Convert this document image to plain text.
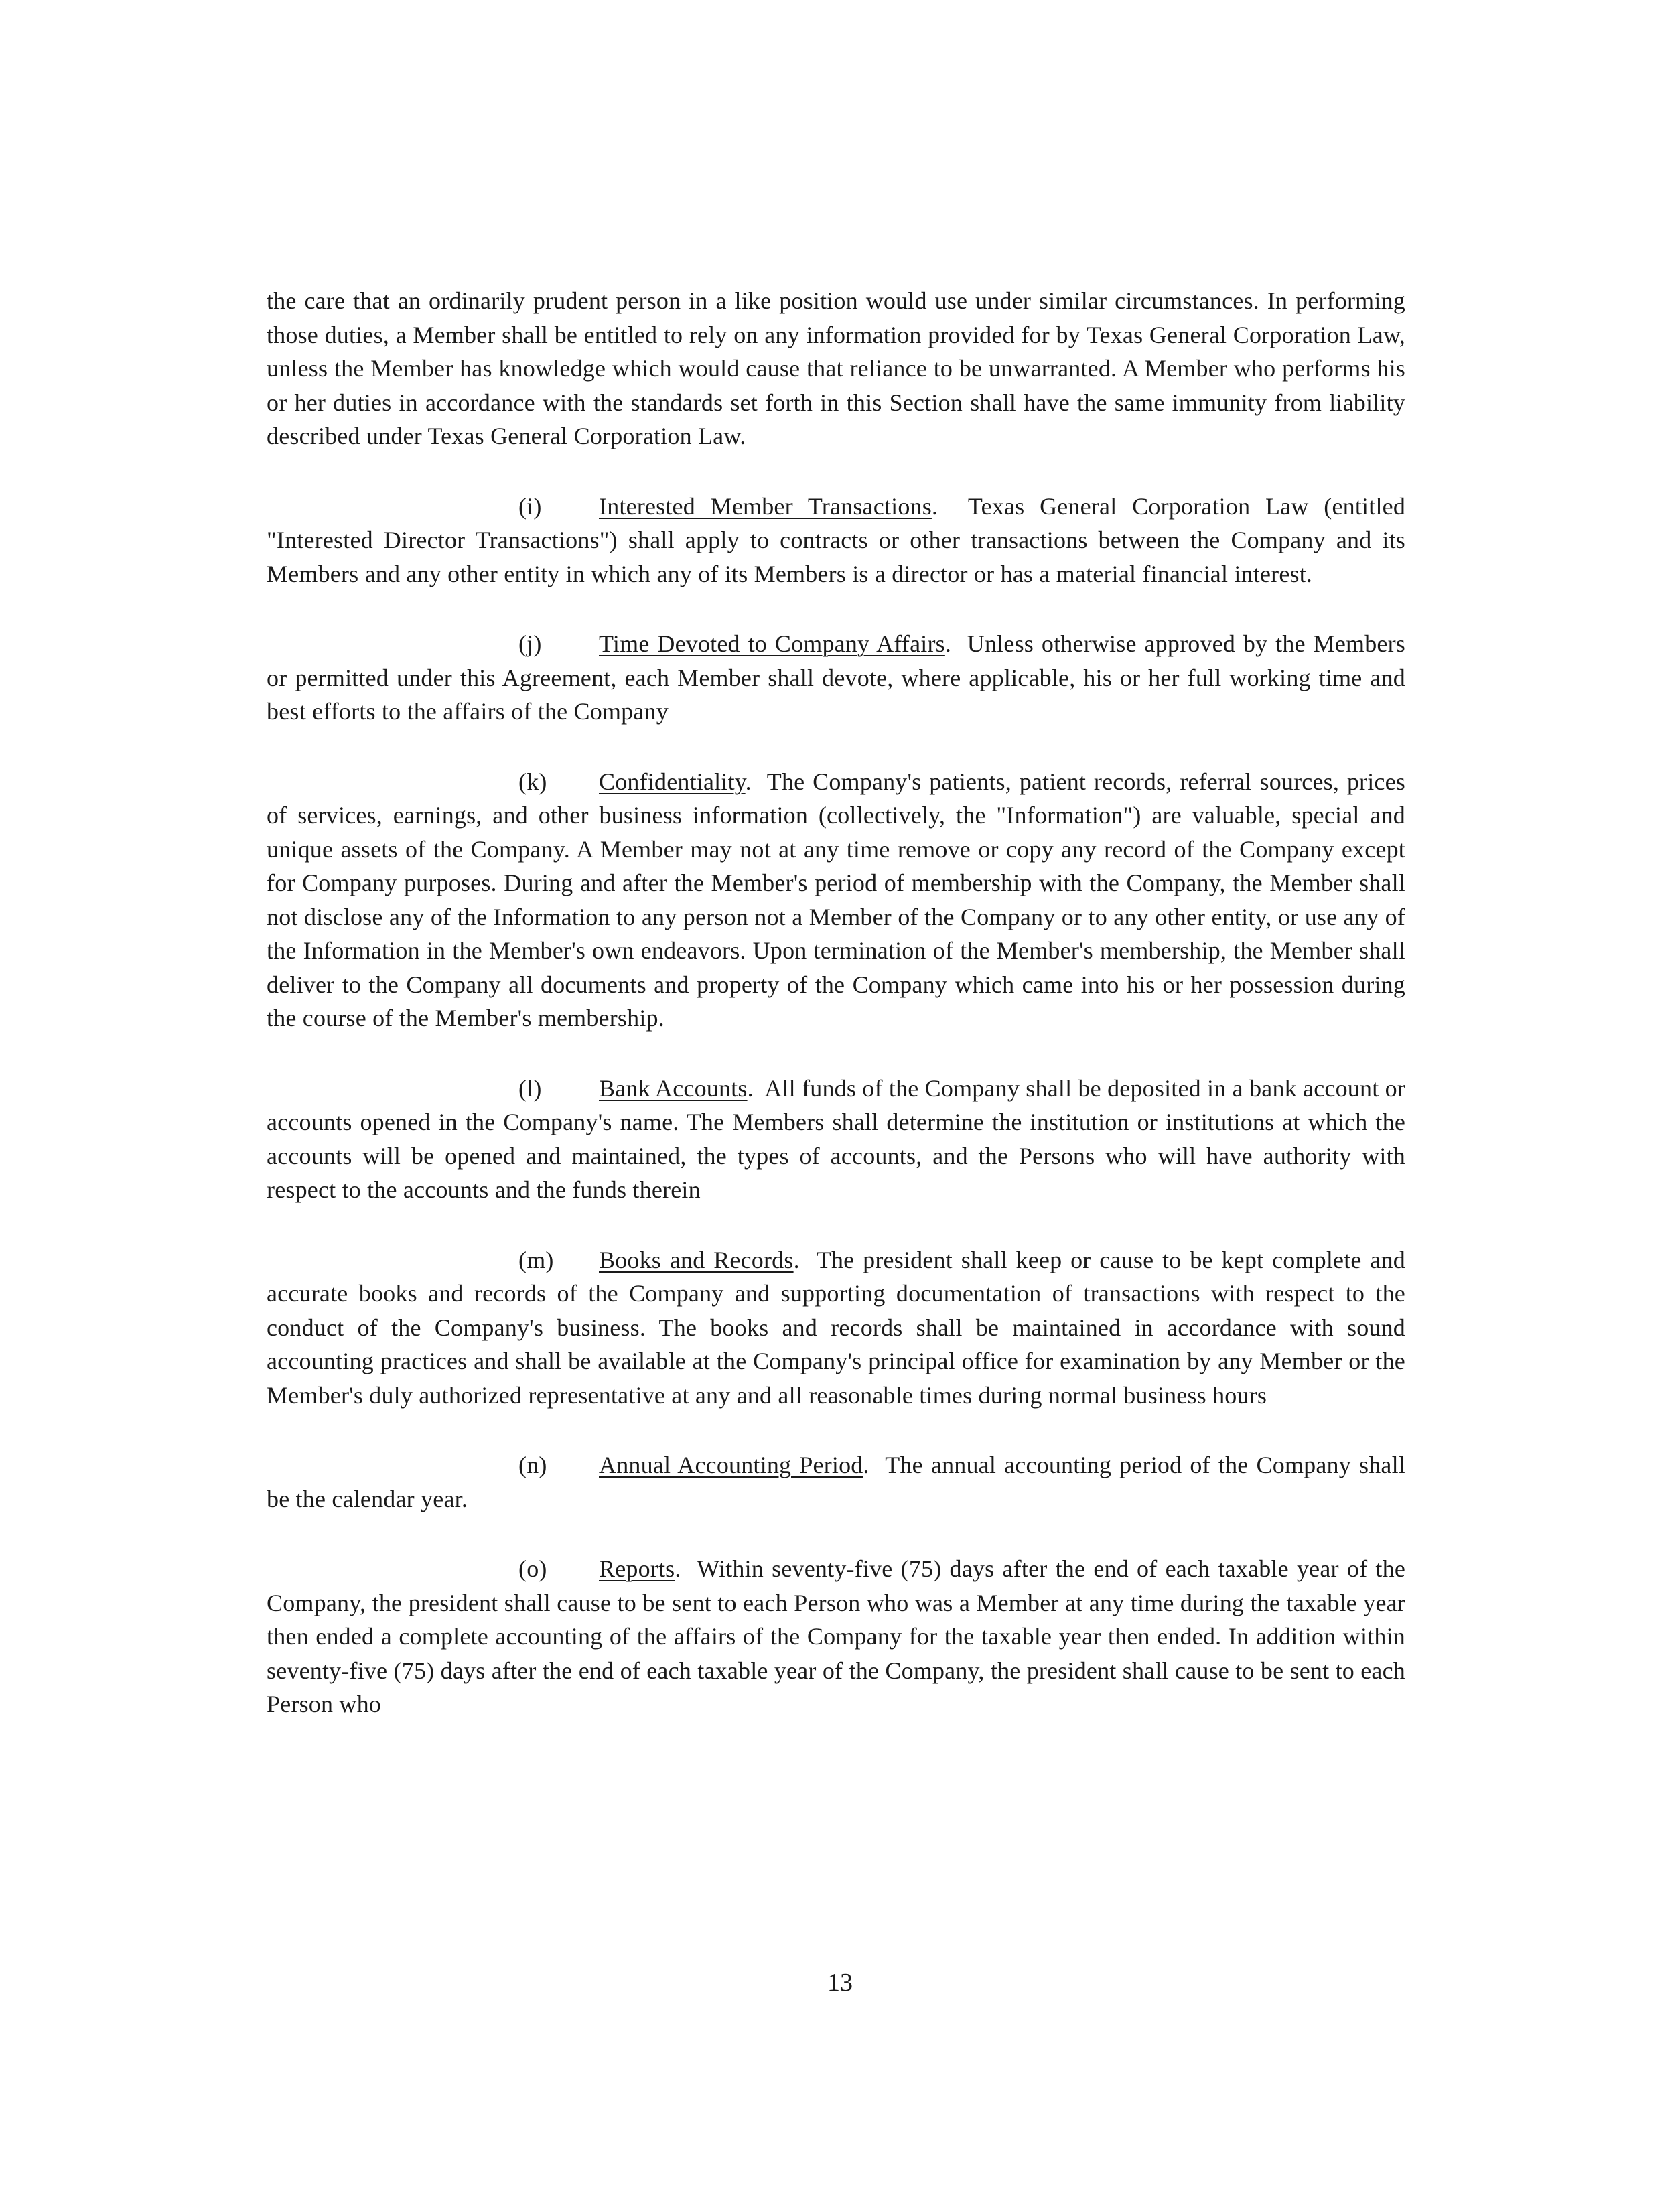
the care that an ordinarily prudent person in a like position would use under similar circumstances. In performing those duties, a Member shall be entitled to rely on any information provided for by Texas General Corporation Law, unless the Member has knowledge which would cause that reliance to be unwarranted. A Member who performs his or her duties in accordance with the standards set forth in this Section shall have the same immunity from liability described under Texas General Corporation Law.

(i) Interested Member Transactions.  Texas General Corporation Law (entitled "Interested Director Transactions") shall apply to contracts or other transactions between the Company and its Members and any other entity in which any of its Members is a director or has a material financial interest.

(j) Time Devoted to Company Affairs.  Unless otherwise approved by the Members or permitted under this Agreement, each Member shall devote, where applicable, his or her full working time and best efforts to the affairs of the Company

(k) Confidentiality.  The Company's patients, patient records, referral sources, prices of services, earnings, and other business information (collectively, the "Information") are valuable, special and unique assets of the Company. A Member may not at any time remove or copy any record of the Company except for Company purposes. During and after the Member's period of membership with the Company, the Member shall not disclose any of the Information to any person not a Member of the Company or to any other entity, or use any of the Information in the Member's own endeavors. Upon termination of the Member's membership, the Member shall deliver to the Company all documents and property of the Company which came into his or her possession during the course of the Member's membership.

(l) Bank Accounts.  All funds of the Company shall be deposited in a bank account or accounts opened in the Company's name. The Members shall determine the institution or institutions at which the accounts will be opened and maintained, the types of accounts, and the Persons who will have authority with respect to the accounts and the funds therein

(m) Books and Records.  The president shall keep or cause to be kept complete and accurate books and records of the Company and supporting documentation of transactions with respect to the conduct of the Company's business. The books and records shall be maintained in accordance with sound accounting practices and shall be available at the Company's principal office for examination by any Member or the Member's duly authorized representative at any and all reasonable times during normal business hours

(n) Annual Accounting Period.  The annual accounting period of the Company shall be the calendar year.

(o) Reports.  Within seventy-five (75) days after the end of each taxable year of the Company, the president shall cause to be sent to each Person who was a Member at any time during the taxable year then ended a complete accounting of the affairs of the Company for the taxable year then ended. In addition within seventy-five (75) days after the end of each taxable year of the Company, the president shall cause to be sent to each Person who

13
